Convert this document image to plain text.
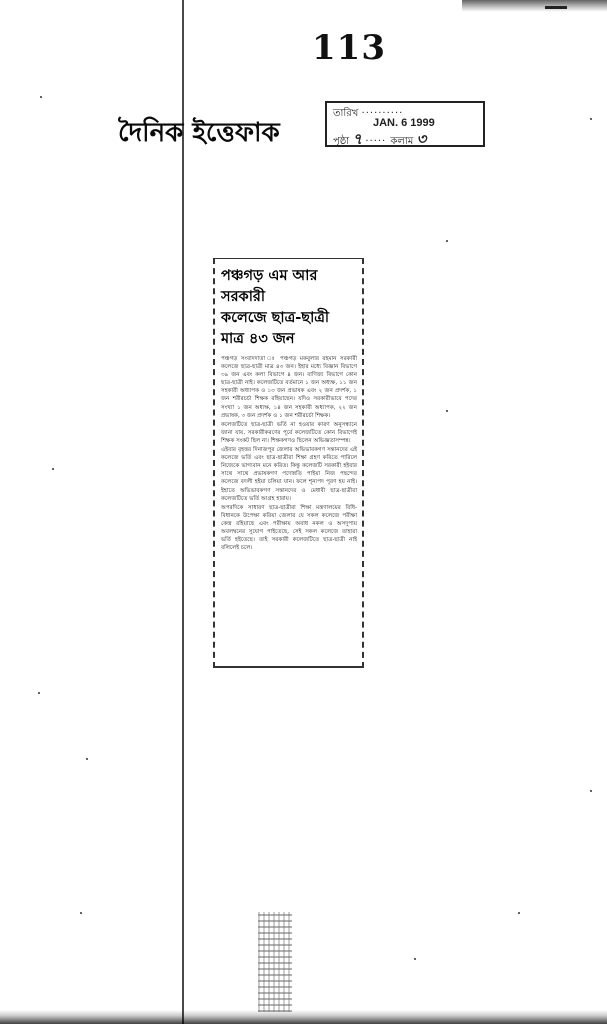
113
দৈনিক ইত্তেফাক
তারিখ ··········
JAN. 6 1999
পৃষ্ঠা ৭ ····· কলাম ৩
পঞ্চগড় এম আর সরকারী
কলেজে ছাত্র-ছাত্রী
মাত্র ৪৩ জন

পঞ্চগড় সংবাদদাতা ঃ পঞ্চগড় মকবুলার রহমান সরকারী কলেজে ছাত্র-ছাত্রী মাত্র ৪৩ জন। ইহার মধ্যে বিজ্ঞান বিভাগে ৩৯ জন এবং কলা বিভাগে ৪ জন। বাণিজ্য বিভাগে কোন ছাত্র-ছাত্রী নাই। কলেজটিতে বর্তমানে ১ জন অধ্যক্ষ, ১১ জন সহকারী অধ্যাপক ও ১৩ জন প্রভাষক এবং ২ জন প্রদর্শক, ১ জন শরীরচর্চা শিক্ষক রহিয়াছেন। যদিও সরকারীভাবে পদের সংখ্যা ১ জন অধ্যক্ষ, ১৪ জন সহকারী অধ্যাপক, ২২ জন প্রভাষক, ৩ জন প্রদর্শক ও ১ জন শরীরচর্চা শিক্ষক।

কলেজটিতে ছাত্র-ছাত্রী ভর্তি না হওয়ার কারণ অনুসন্ধানে জানা যায়, সরকারীকরণের পূর্বে কলেজটিতে কোন বিভাগেই শিক্ষক সংকট ছিল না। শিক্ষকগণও ছিলেন অভিজ্ঞতাসম্পন্ন।

এইবার বৃহত্তর দিনাজপুর জেলার অভিভাবকগণ সন্তানদের এই কলেজে ভর্তি এবং ছাত্র-ছাত্রীরা শিক্ষা গ্রহণ করিতে পারিলে নিজেকে ভাগ্যবান মনে করিত। কিন্তু কলেজটি সরকারী হইবার সাথে সাথে প্রভাষকগণ পদোন্নতি পাইয়া নিজ পছন্দের কলেজে বদলী হইয়া চলিয়া যান। ফলে শূন্যপদ পূরণ হয় নাই। ইহাতে অভিভাবকগণ সন্তানদের ও মেধাবী ছাত্র-ছাত্রীরা কলেজটিতে ভর্তি আগ্রহ হারায়।

অপরদিকে সাধারণ ছাত্র-ছাত্রীরা শিক্ষা মন্ত্রণালয়ের বিধি-বিধানকে উপেক্ষা করিয়া জেলার যে সকল কলেজে পরীক্ষা কেন্দ্র রহিয়াছে এবং পরীক্ষায় অবাধ নকল ও অসদুপায় অবলম্বনের সুযোগ পাইতেছে, সেই সকল কলেজে তাহারা ভর্তি হইতেছে। তাই সরকারী কলেজটিতে ছাত্র-ছাত্রী নাই বলিলেই চলে।
